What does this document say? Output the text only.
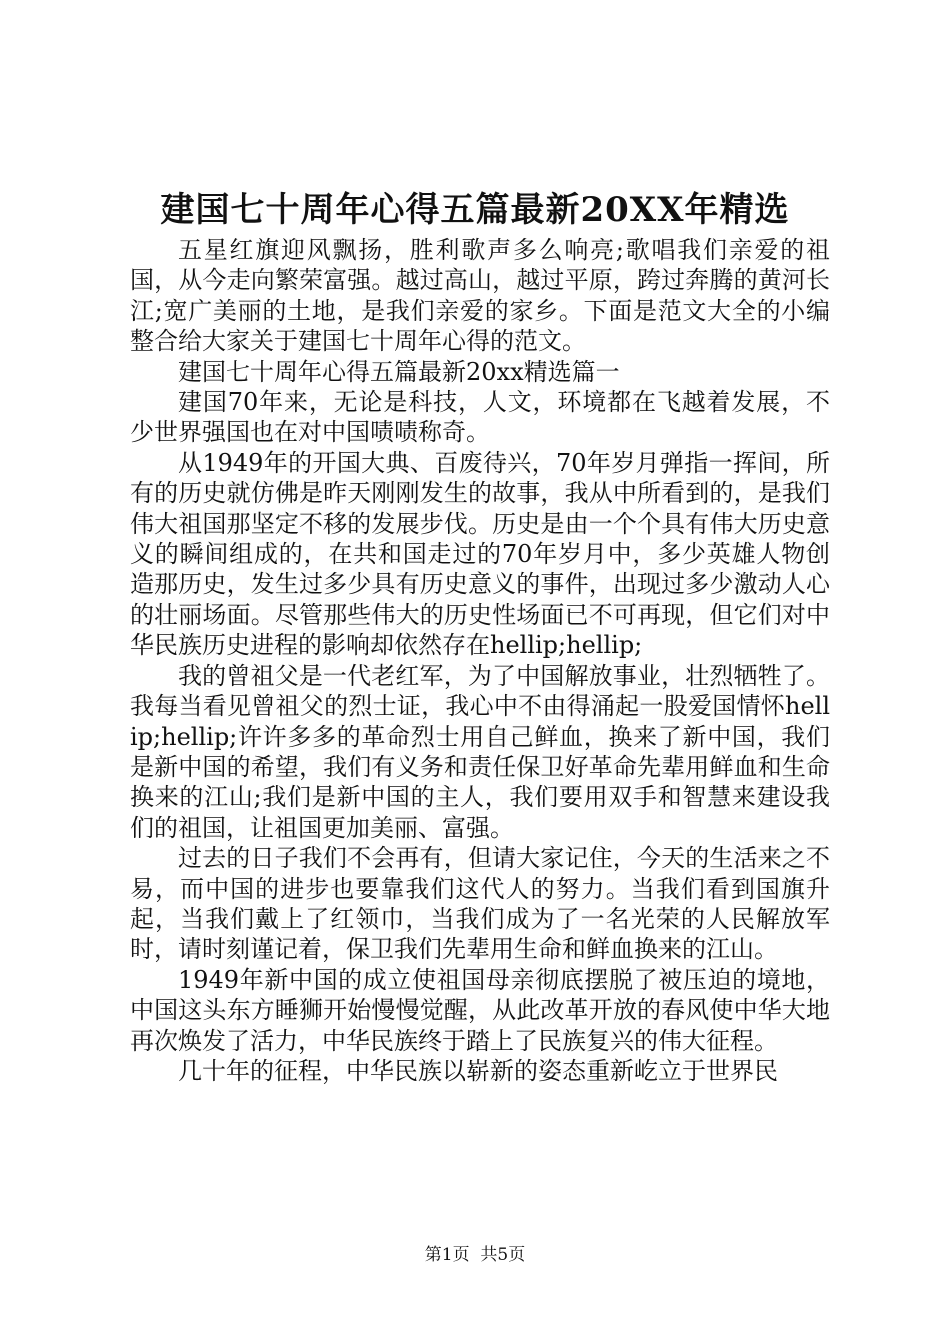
建国七十周年心得五篇最新20XX年精选

五星红旗迎风飘扬，胜利歌声多么响亮;歌唱我们亲爱的祖国，从今走向繁荣富强。越过高山，越过平原，跨过奔腾的黄河长江;宽广美丽的土地，是我们亲爱的家乡。下面是范文大全的小编整合给大家关于建国七十周年心得的范文。

建国七十周年心得五篇最新20xx精选篇一

建国70年来，无论是科技，人文，环境都在飞越着发展，不少世界强国也在对中国啧啧称奇。

从1949年的开国大典、百废待兴，70年岁月弹指一挥间，所有的历史就仿佛是昨天刚刚发生的故事，我从中所看到的，是我们伟大祖国那坚定不移的发展步伐。历史是由一个个具有伟大历史意义的瞬间组成的，在共和国走过的70年岁月中，多少英雄人物创造那历史，发生过多少具有历史意义的事件，出现过多少激动人心的壮丽场面。尽管那些伟大的历史性场面已不可再现，但它们对中华民族历史进程的影响却依然存在hellip;hellip;

我的曾祖父是一代老红军，为了中国解放事业，壮烈牺牲了。我每当看见曾祖父的烈士证，我心中不由得涌起一股爱国情怀hellip;hellip;许许多多的革命烈士用自己鲜血，换来了新中国，我们是新中国的希望，我们有义务和责任保卫好革命先辈用鲜血和生命换来的江山;我们是新中国的主人，我们要用双手和智慧来建设我们的祖国，让祖国更加美丽、富强。

过去的日子我们不会再有，但请大家记住，今天的生活来之不易，而中国的进步也要靠我们这代人的努力。当我们看到国旗升起，当我们戴上了红领巾，当我们成为了一名光荣的人民解放军时，请时刻谨记着，保卫我们先辈用生命和鲜血换来的江山。

1949年新中国的成立使祖国母亲彻底摆脱了被压迫的境地，中国这头东方睡狮开始慢慢觉醒，从此改革开放的春风使中华大地再次焕发了活力，中华民族终于踏上了民族复兴的伟大征程。

几十年的征程，中华民族以崭新的姿态重新屹立于世界民

第1页  共5页
